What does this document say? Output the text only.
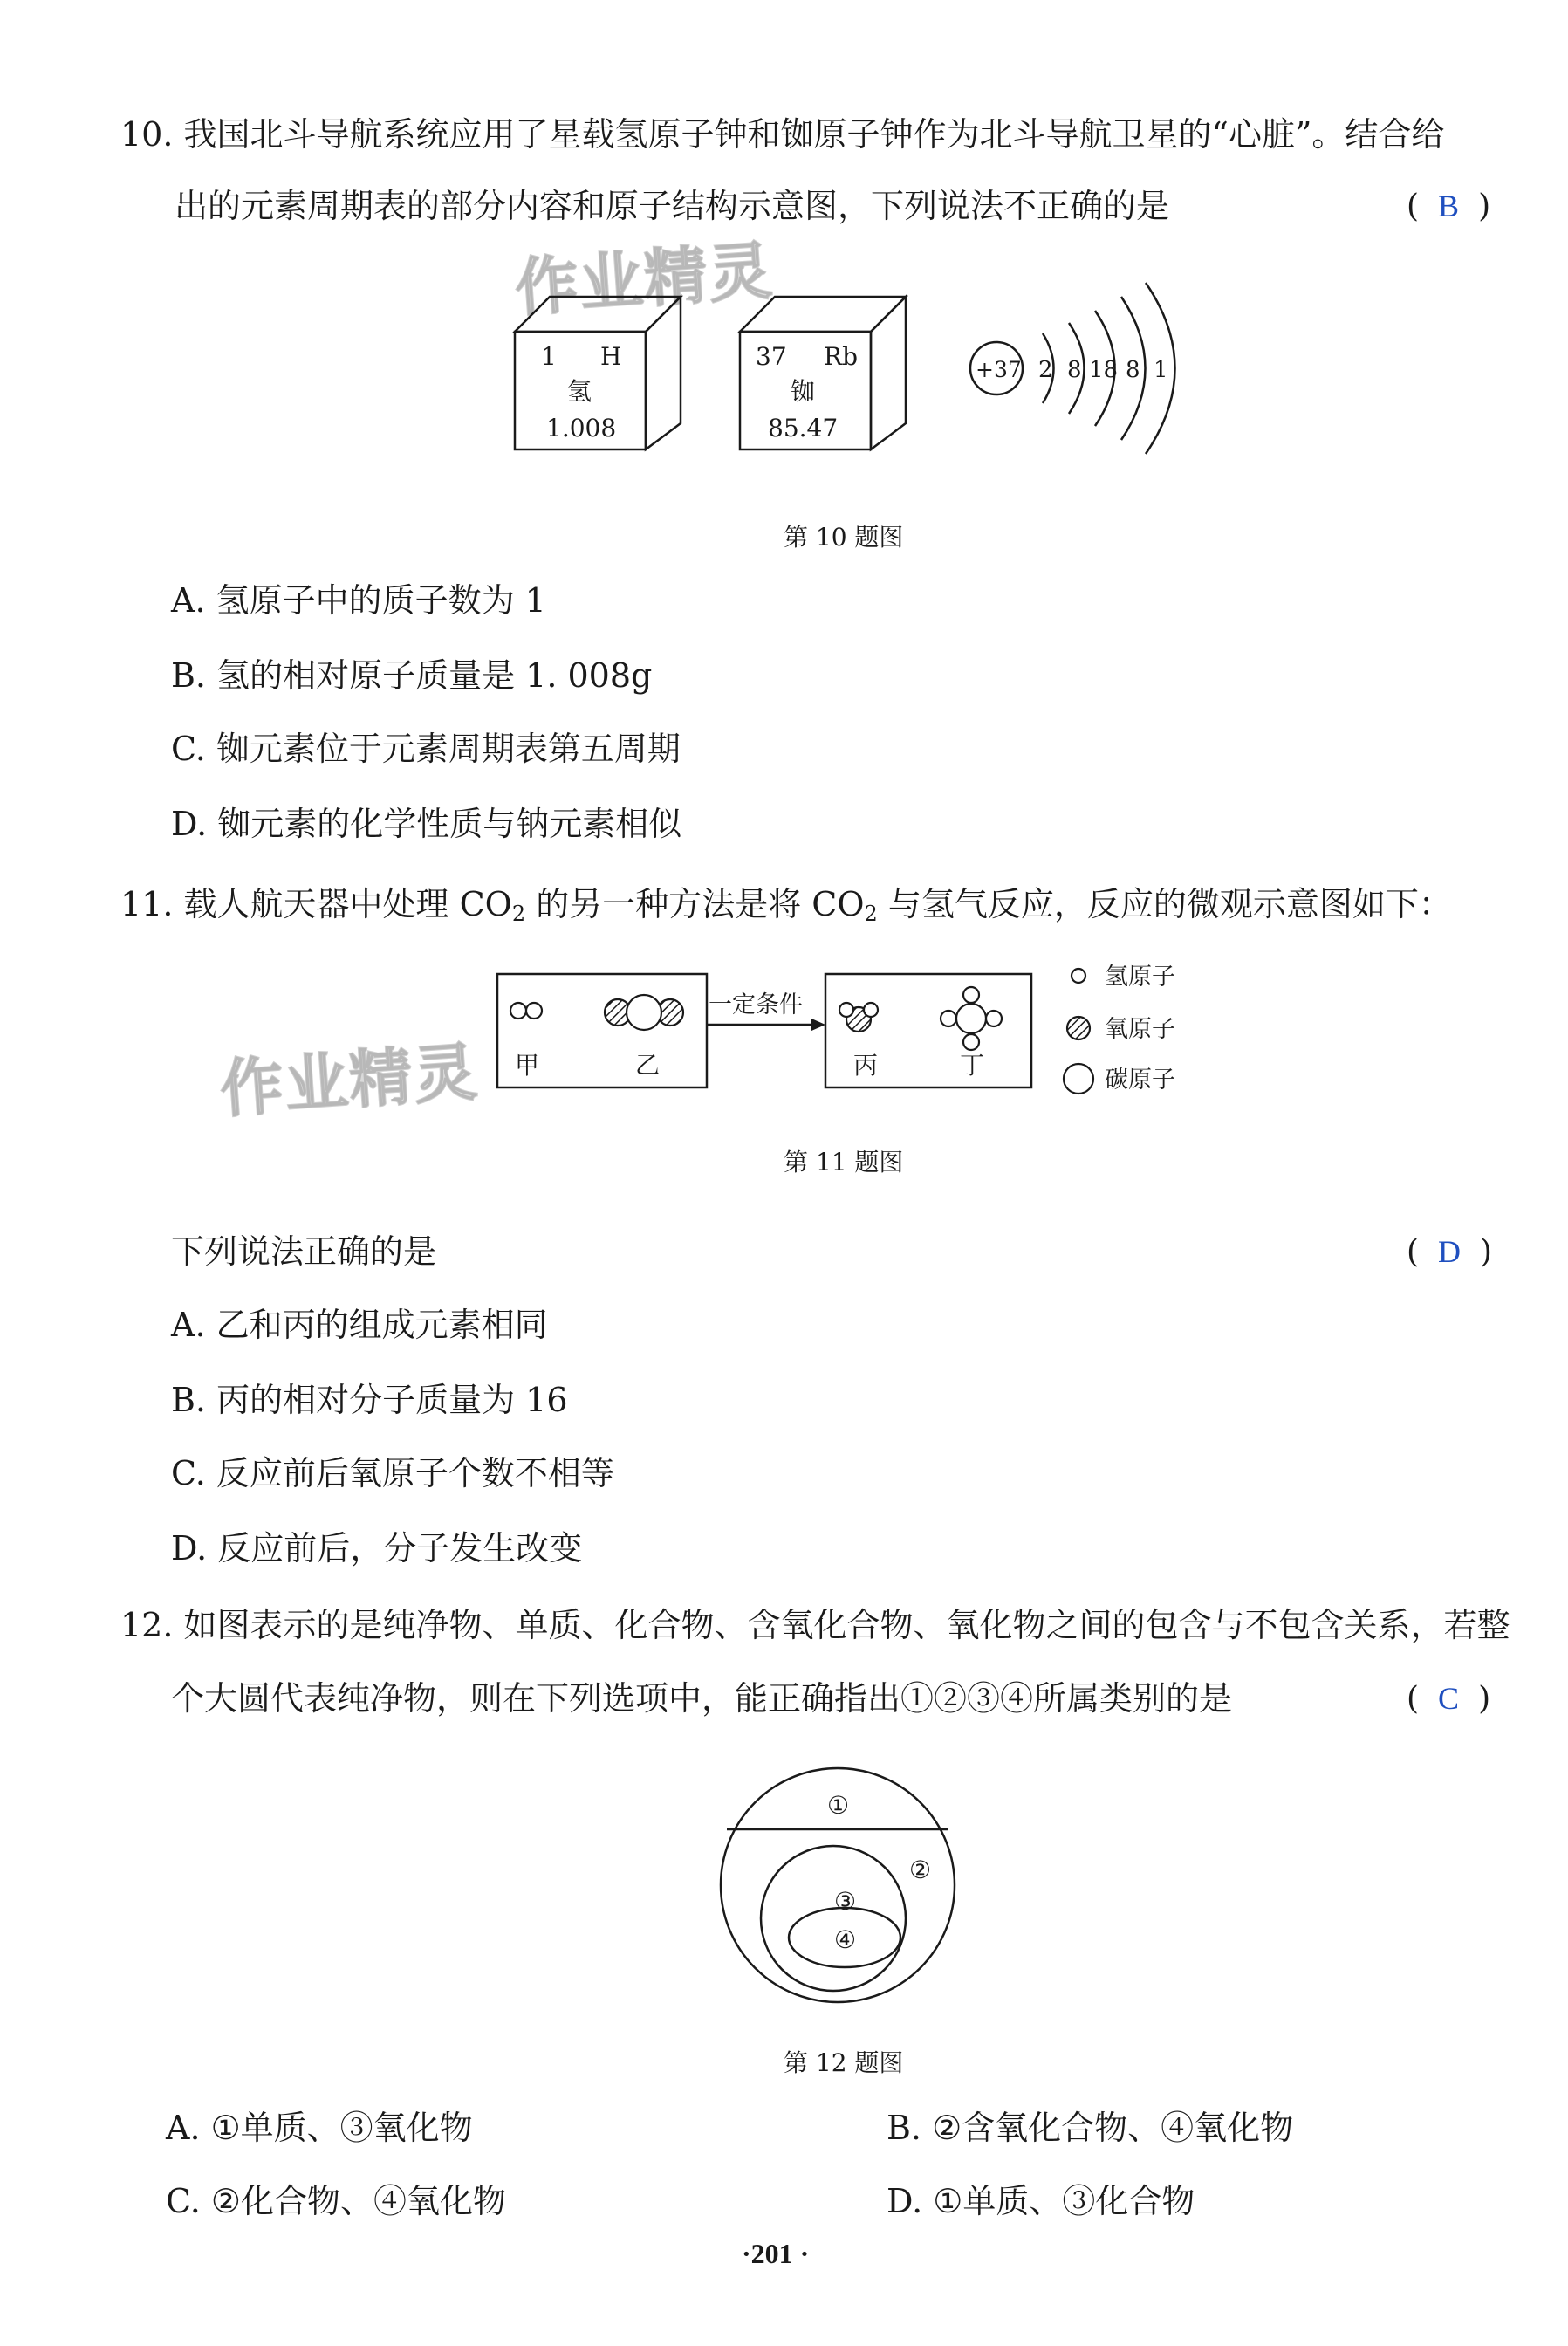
10. 我国北斗导航系统应用了星载氢原子钟和铷原子钟作为北斗导航卫星的“心脏”。结合给
出的元素周期表的部分内容和原子结构示意图，下列说法不正确的是	( B )
作业精灵
1 H
氢
1.008
37 Rb
铷
85.47
+37 2 8 18 8 1
第 10 题图
A. 氢原子中的质子数为 1
B. 氢的相对原子质量是 1. 008g
C. 铷元素位于元素周期表第五周期
D. 铷元素的化学性质与钠元素相似
11. 载人航天器中处理 $CO_2$ 的另一种方法是将 $CO_2$ 与氢气反应，反应的微观示意图如下：
作业精灵 甲	乙
一定条件
丙	丁
氢原子
氧原子
碳原子
第 11 题图
下列说法正确的是	( D )
A. 乙和丙的组成元素相同
B. 丙的相对分子质量为 16
C. 反应前后氧原子个数不相等
D. 反应前后，分子发生改变
12. 如图表示的是纯净物、单质、化合物、含氧化合物、氧化物之间的包含与不包含关系，若整
个大圆代表纯净物，则在下列选项中，能正确指出①②③④所属类别的是	( C )
①
②
③
④
第 12 题图
A. ①单质、③氧化物	B. ②含氧化合物、④氧化物
C. ②化合物、④氧化物	D. ①单质、③化合物
·201 ·
